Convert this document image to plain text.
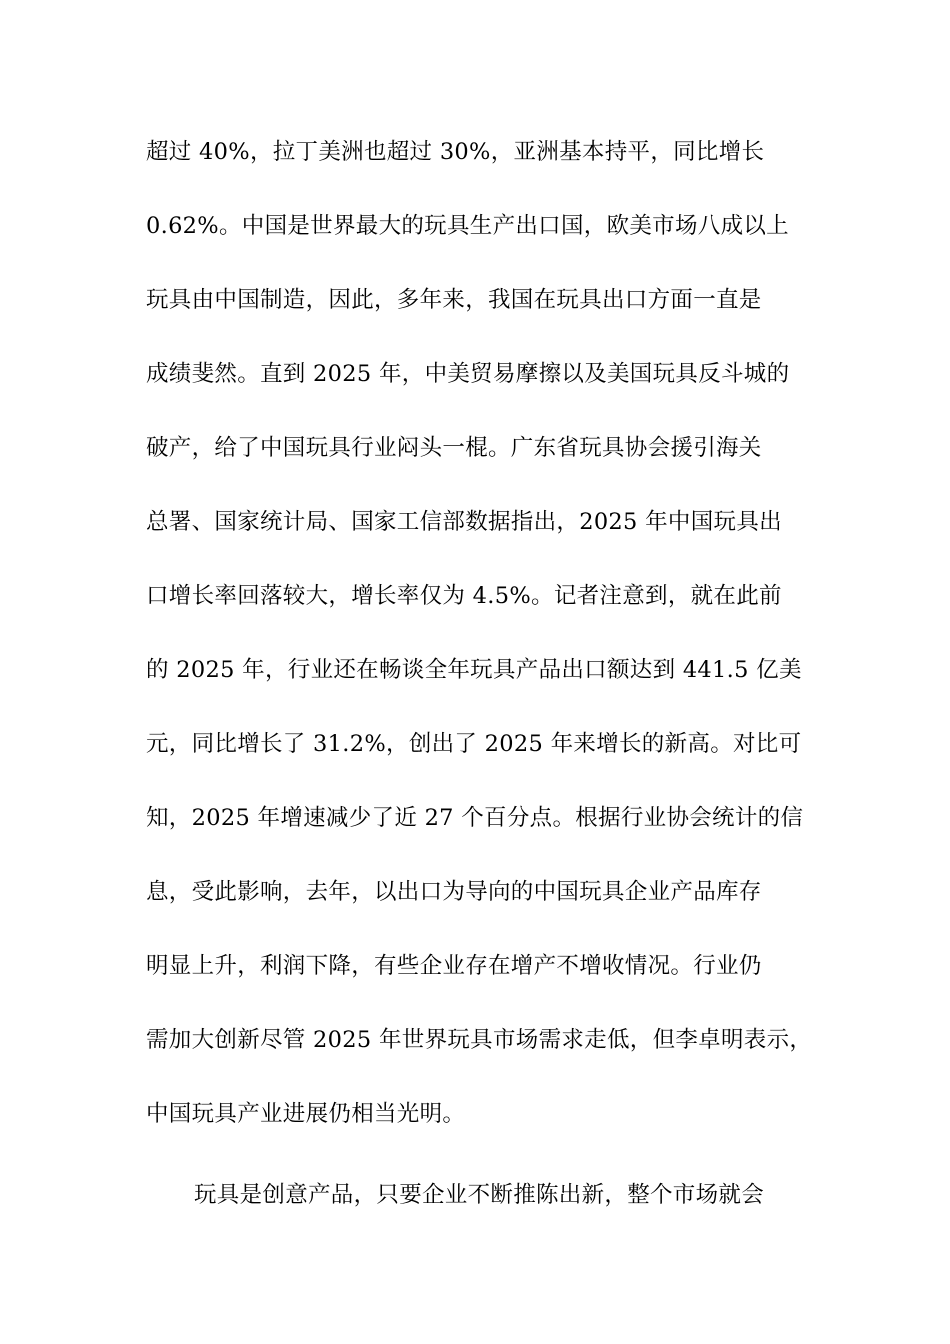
超过 40%，拉丁美洲也超过 30%，亚洲基本持平，同比增长
0.62%。中国是世界最大的玩具生产出口国，欧美市场八成以上
玩具由中国制造，因此，多年来，我国在玩具出口方面一直是
成绩斐然。直到 2025 年，中美贸易摩擦以及美国玩具反斗城的
破产，给了中国玩具行业闷头一棍。广东省玩具协会援引海关
总署、国家统计局、国家工信部数据指出，2025 年中国玩具出
口增长率回落较大，增长率仅为 4.5%。记者注意到，就在此前
的 2025 年，行业还在畅谈全年玩具产品出口额达到 441.5 亿美
元，同比增长了 31.2%，创出了 2025 年来增长的新高。对比可
知，2025 年增速减少了近 27 个百分点。根据行业协会统计的信
息，受此影响，去年，以出口为导向的中国玩具企业产品库存
明显上升，利润下降，有些企业存在增产不增收情况。行业仍
需加大创新尽管 2025 年世界玩具市场需求走低，但李卓明表示，
中国玩具产业进展仍相当光明。
玩具是创意产品，只要企业不断推陈出新，整个市场就会
